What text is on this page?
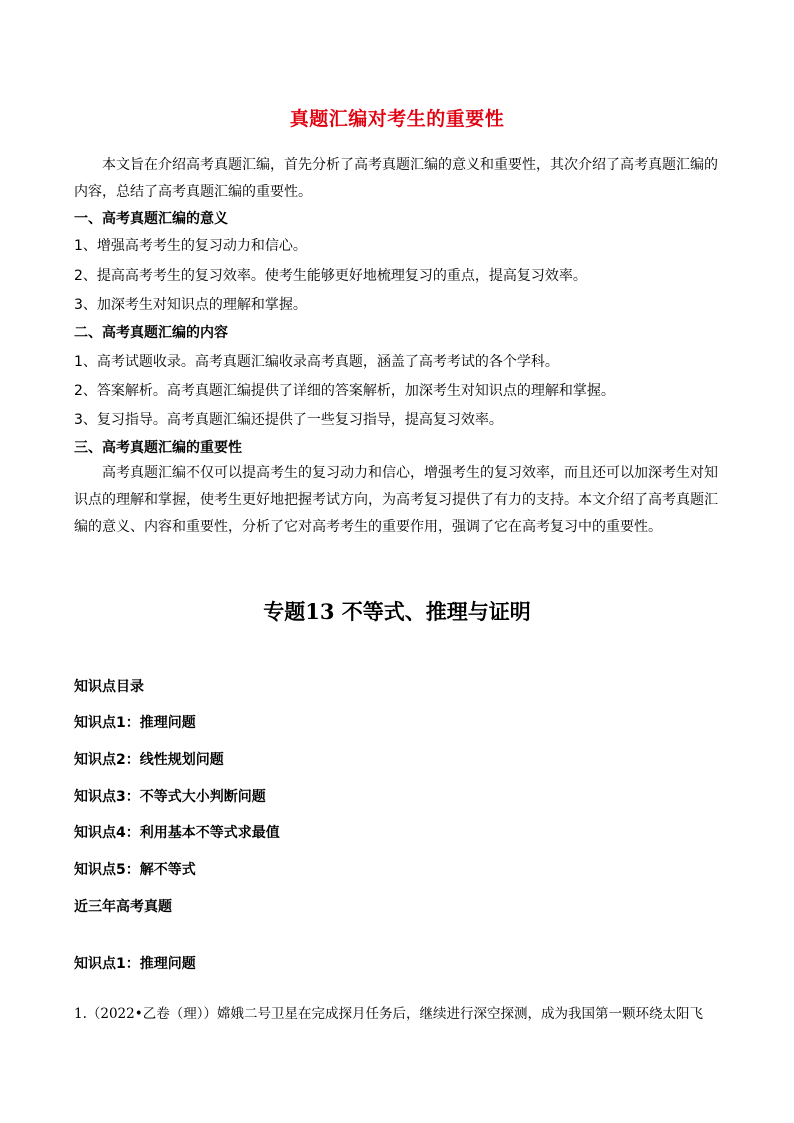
真题汇编对考生的重要性

本文旨在介绍高考真题汇编，首先分析了高考真题汇编的意义和重要性，其次介绍了高考真题汇编的内容，总结了高考真题汇编的重要性。

一、高考真题汇编的意义
1、增强高考考生的复习动力和信心。
2、提高高考考生的复习效率。使考生能够更好地梳理复习的重点，提高复习效率。
3、加深考生对知识点的理解和掌握。
二、高考真题汇编的内容
1、高考试题收录。高考真题汇编收录高考真题，涵盖了高考考试的各个学科。
2、答案解析。高考真题汇编提供了详细的答案解析，加深考生对知识点的理解和掌握。
3、复习指导。高考真题汇编还提供了一些复习指导，提高复习效率。
三、高考真题汇编的重要性

高考真题汇编不仅可以提高考生的复习动力和信心，增强考生的复习效率，而且还可以加深考生对知识点的理解和掌握，使考生更好地把握考试方向，为高考复习提供了有力的支持。本文介绍了高考真题汇编的意义、内容和重要性，分析了它对高考考生的重要作用，强调了它在高考复习中的重要性。

专题13 不等式、推理与证明
知识点目录
知识点1：推理问题
知识点2：线性规划问题
知识点3：不等式大小判断问题
知识点4：利用基本不等式求最值
知识点5：解不等式
近三年高考真题
知识点1：推理问题
1.（2022•乙卷（理））嫦娥二号卫星在完成探月任务后，继续进行深空探测，成为我国第一颗环绕太阳飞
